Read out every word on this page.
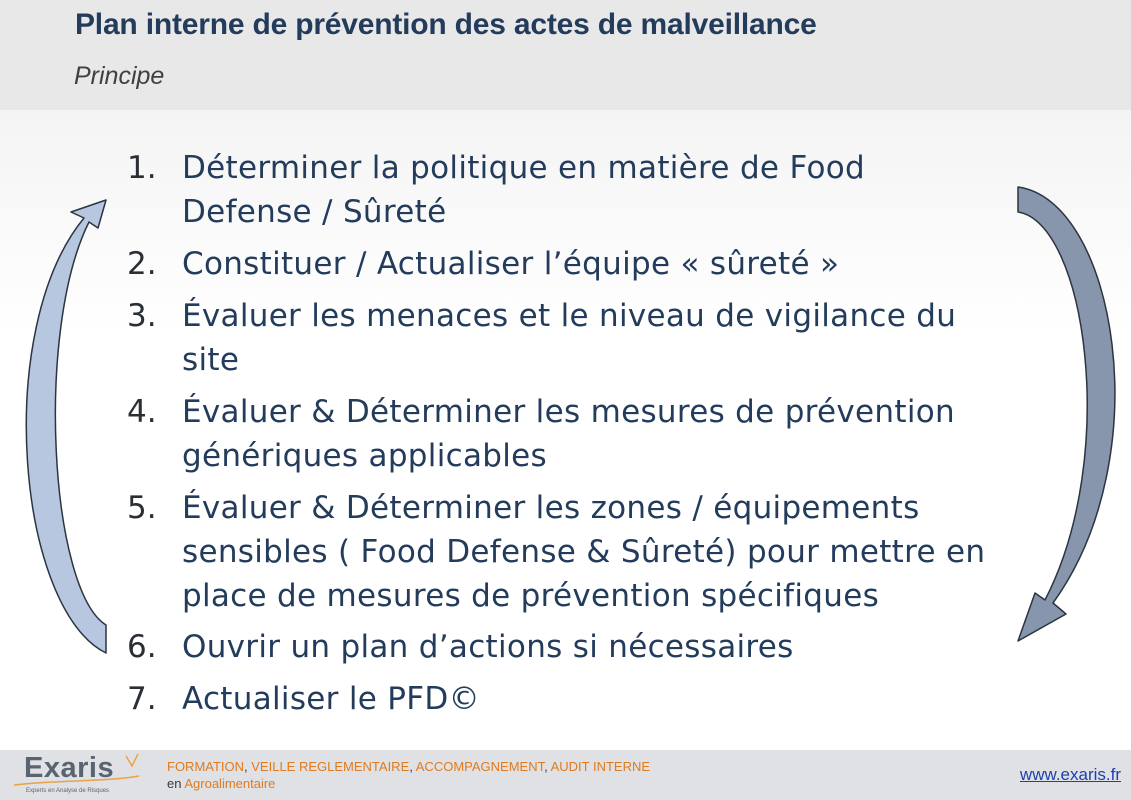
Plan interne de prévention des actes de malveillance
Principe
1. Déterminer la politique en matière de Food
Defense / Sûreté
2. Constituer / Actualiser l’équipe « sûreté »
3. Évaluer les menaces et le niveau de vigilance du
site
4. Évaluer & Déterminer les mesures de prévention
génériques applicables
5. Évaluer & Déterminer les zones / équipements
sensibles ( Food Defense & Sûreté) pour mettre en
place de mesures de prévention spécifiques
6. Ouvrir un plan d’actions si nécessaires
7. Actualiser le PFD©
Exaris
Experts en Analyse de Risques
FORMATION, VEILLE REGLEMENTAIRE, ACCOMPAGNEMENT, AUDIT INTERNE
en Agroalimentaire	www.exaris.fr
